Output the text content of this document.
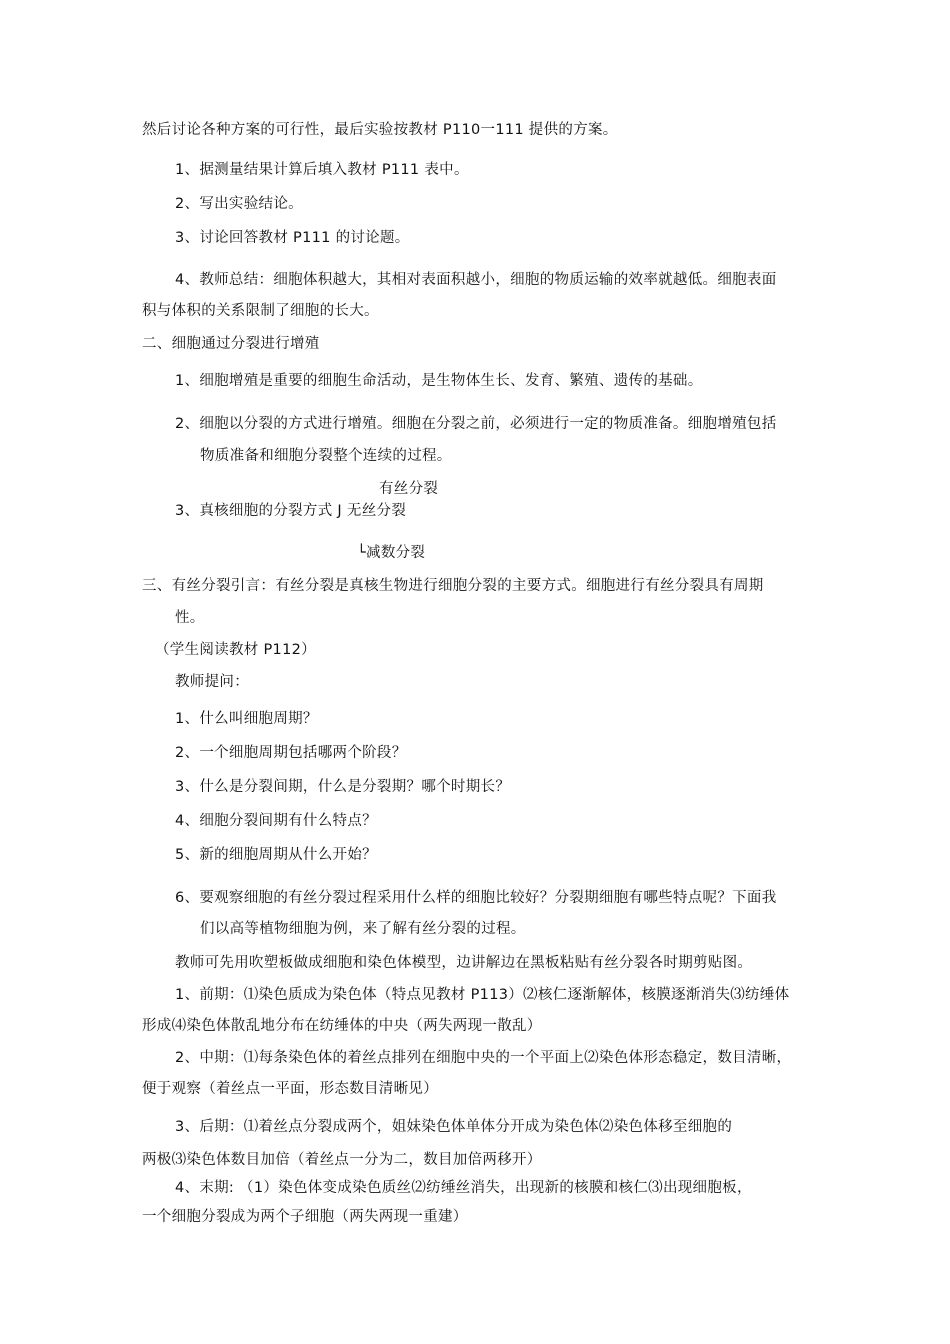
然后讨论各种方案的可行性，最后实验按教材 P110一111 提供的方案。
1、据测量结果计算后填入教材 P111 表中。
2、写出实验结论。
3、讨论回答教材 P111 的讨论题。
4、教师总结：细胞体积越大，其相对表面积越小，细胞的物质运输的效率就越低。细胞表面
积与体积的关系限制了细胞的长大。
二、细胞通过分裂进行增殖
1、细胞增殖是重要的细胞生命活动，是生物体生长、发育、繁殖、遗传的基础。
2、细胞以分裂的方式进行增殖。细胞在分裂之前，必须进行一定的物质准备。细胞增殖包括
物质准备和细胞分裂整个连续的过程。
有丝分裂
3、真核细胞的分裂方式 J 无丝分裂
└减数分裂
三、有丝分裂引言：有丝分裂是真核生物进行细胞分裂的主要方式。细胞进行有丝分裂具有周期
性。
（学生阅读教材 P112）
教师提问：
1、什么叫细胞周期？
2、一个细胞周期包括哪两个阶段？
3、什么是分裂间期，什么是分裂期？哪个时期长？
4、细胞分裂间期有什么特点？
5、新的细胞周期从什么开始？
6、要观察细胞的有丝分裂过程采用什么样的细胞比较好？分裂期细胞有哪些特点呢？下面我
们以高等植物细胞为例，来了解有丝分裂的过程。
教师可先用吹塑板做成细胞和染色体模型，边讲解边在黑板粘贴有丝分裂各时期剪贴图。
1、前期：⑴染色质成为染色体（特点见教材 P113）⑵核仁逐渐解体，核膜逐渐消失⑶纺缍体
形成⑷染色体散乱地分布在纺缍体的中央（两失两现一散乱）
2、中期：⑴每条染色体的着丝点排列在细胞中央的一个平面上⑵染色体形态稳定，数目清晰，
便于观察（着丝点一平面，形态数目清晰见）
3、后期：⑴着丝点分裂成两个，姐妹染色体单体分开成为染色体⑵染色体移至细胞的
两极⑶染色体数目加倍（着丝点一分为二，数目加倍两移开）
4、末期: （1）染色体变成染色质丝⑵纺缍丝消失，出现新的核膜和核仁⑶出现细胞板，
一个细胞分裂成为两个子细胞（两失两现一重建）
